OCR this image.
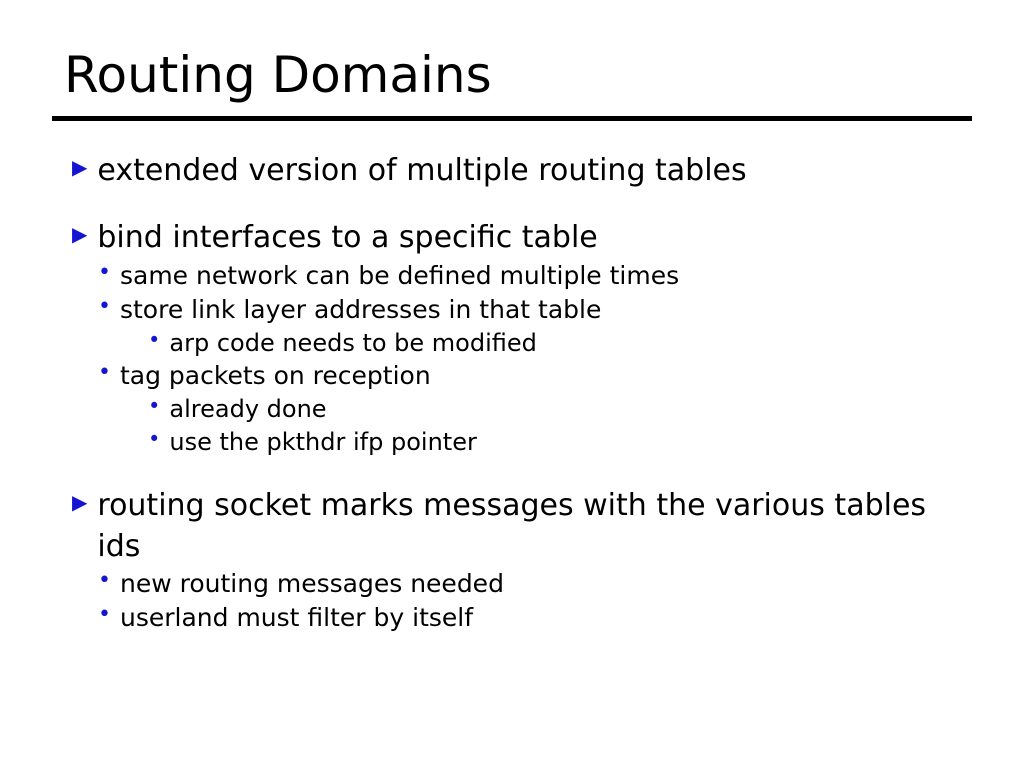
Routing Domains
▶ extended version of multiple routing tables
▶ bind interfaces to a specific table
• same network can be defined multiple times
• store link layer addresses in that table
• arp code needs to be modified
• tag packets on reception
• already done
• use the pkthdr ifp pointer
▶ routing socket marks messages with the various tables ids
• new routing messages needed
• userland must filter by itself
